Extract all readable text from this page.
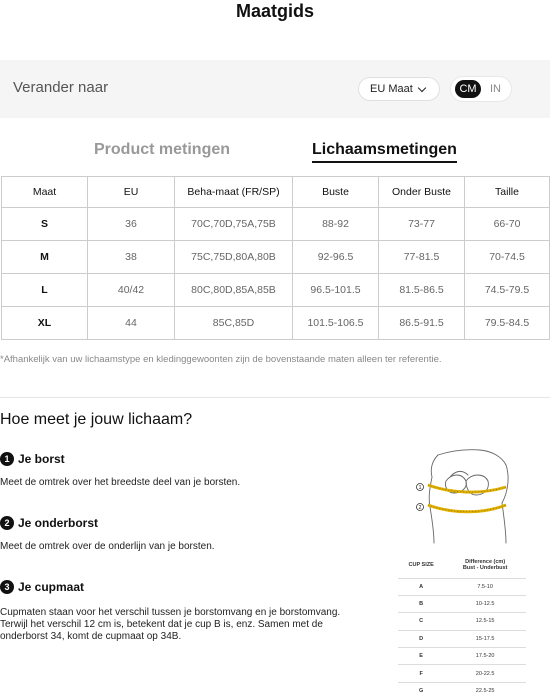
Maatgids
Verander naar	EU Maat	CM	IN
Product metingen	Lichaamsmetingen
Maat	EU	Beha-maat (FR/SP)	Buste	Onder Buste	Taille
S	36	70C,70D,75A,75B	88-92	73-77	66-70
M	38	75C,75D,80A,80B	92-96.5	77-81.5	70-74.5
L	40/42	80C,80D,85A,85B	96.5-101.5	81.5-86.5	74.5-79.5
XL	44	85C,85D	101.5-106.5	86.5-91.5	79.5-84.5
*Afhankelijk van uw lichaamstype en kledinggewoonten zijn de bovenstaande maten alleen ter referentie.
Hoe meet je jouw lichaam?
1 Je borst
Meet de omtrek over het breedste deel van je borsten.
2 Je onderborst
Meet de omtrek over de onderlijn van je borsten.
3 Je cupmaat
Cupmaten staan voor het verschil tussen je borstomvang en je borstomvang. Terwijl het verschil 12 cm is, betekent dat je cup B is, enz. Samen met de onderborst 34, komt de cupmaat op 34B.
1
2
CUP SIZE	Difference (cm)
Bust - Underbust

A	7.5-10
B	10-12.5
C	12.5-15
D	15-17.5
E	17.5-20
F	20-22.5
G	22.5-25
